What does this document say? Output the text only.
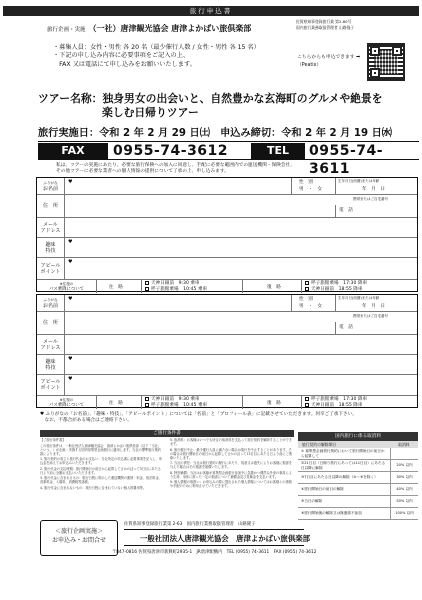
旅行申込書
旅行企画・実施 （一社）唐津観光協会 唐津よかばい旅倶楽部
佐賀県知事登録旅行業 第2-60号
国内旅行業務取扱管理者 山路隆子
・募集人員：女性・男性 各 20 名（最少催行人数 / 女性・男性 各 15 名）
・下記の申し込み内容に必要事項をご記入の上、
　FAX 又は電話にて申し込みをお願いいたします。
こちらからも申込できます ➡
（Peatix）
ツアー名称：独身男女の出会いと、自然豊かな玄海町のグルメや絶景を
楽しむ日帰りツアー
旅行実施日：令和 2 年 2 月 29 日㈯　申込み締切：令和 2 年 2 月 19 日㈬
FAX	0955-74-3612	TEL	0955-74-3611
私は、ツアーの実施にあたり、必要な旅行保険への加入に同意し、手配に必要な範囲内での運送機関・保険会社、
その他ツアーに必要な業者への個人情報の提供について了承の上、申し込みます。
ふりがな
お名前
♥	性　別
男　・　女
生年月日(西暦)または年齢
年　月　日
住　所
携帯またはご自宅番号
電　話
メール
アドレス
趣味
特技
♥
アピール
ポイント
♥
※往復の
バス乗降について	往　路
天神日銀前　9:30 乗車
呼子旅館乗場　10:45 乗車	復　路
呼子旅館乗場　17:30 降車
天神日銀前　18:55 降車
ふりがな
お名前
♥	性　別
男　・　女
生年月日(西暦)または年齢
年　月　日
住　所
携帯またはご自宅番号
電　話
メール
アドレス
趣味
特技
♥
アピール
ポイント
♥
※往復の
バス乗降について	往　路
天神日銀前　9:30 乗車
呼子旅館乗場　10:45 乗車	復　路
呼子旅館乗場　17:30 降車
天神日銀前　18:55 降車
♥ ふりがなの「お名前」、「趣味・特技」、「アピールポイント」については「名前」と「プロフィール表」に記載させていただきます。何卒ご了承下さい。
　なお、不都合がある場合はご連絡下さい。
ご旅行条件書

【ご旅行条件書】

この旅行条件は、一般社団法人唐津観光協会　唐津よかばい旅倶楽部（以下「当社」という。）が企画・実施する国内募集型企画旅行に適用します。当社の標準旅行業約款によります。

1. 旅行契約の成立と旅行代金のお支払い：当社所定の申込書に必要事項を記入し、申込金を添えてお申込みいただきます。

2. 旅行代金の支払時期：旅行開始日の前日から起算してさかのぼって3日目にあたる日より前に全額お支払いいただきます。

3. 旅行代金に含まれるもの：旅行日程に明示した運送機関の運賃・料金、宿泊料金、食事料金、入場料、消費税等諸税。

4. 旅行代金に含まれないもの：旅行日程に含まれていない個人的費用等。

5. 取消料：お客様はいつでも所定の取消料を支払って旅行契約を解除することができます。

6. 旅行催行中止：最少催行人員に満たない場合は旅行を中止することがあります。その場合は旅行開始日の前日から起算してさかのぼって13日目にあたる日より前にご連絡いたします。

7. 当社の責任：当社は旅行契約の履行にあたり、故意又は過失によりお客様に損害を与えた場合はその損害を賠償いたします。

8. 特別補償：当社はお客様が募集型企画旅行参加中に急激かつ偶然な外来の事故により生命、身体に被った一定の損害について補償金及び見舞金を支払います。

9. 個人情報の取扱い：お申込みの際に提出された個人情報についてはお客様との連絡や手配のために利用させていただきます。

国内旅行に係る取消料
旅行契約の解除期日	取消料
① 募集型企画旅行契約において旅行開始日の前日から起算して
②21日目（日帰り旅行にあっては11日目）にあたる日以降に解除
20% 以内
③7日目にあたる日以降の解除（④〜⑥を除く）	30% 以内
④旅行開始日の前日の解除	40% 以内
⑤当日の解除	50% 以内
⑥旅行開始後の解除又は無連絡不参加	100% 以内
＜旅行企画実施＞
お申込み・お問合せ
佐賀県知事登録旅行業第 2-63　国内旅行業務取扱管理者　山路隆子
一般社団法人唐津観光協会　唐津よかばい旅倶楽部
〒847-0816 佐賀県唐津市新興町2935-1　JR唐津駅構内　TEL (0955) 74-3611　FAX (0955) 74-3612
